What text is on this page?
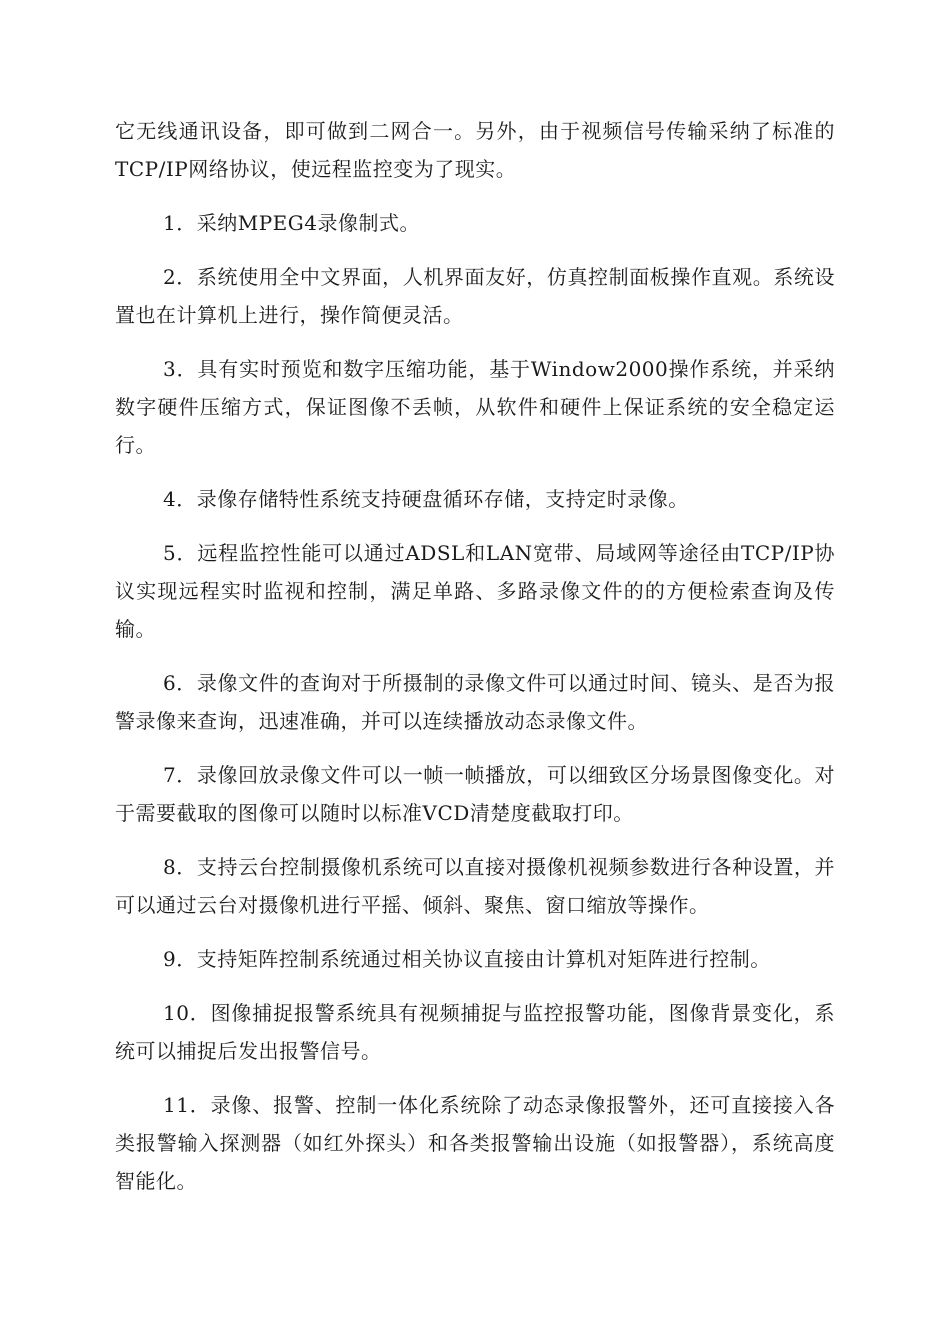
它无线通讯设备，即可做到二网合一。另外，由于视频信号传输采纳了标准的TCP/IP网络协议，使远程监控变为了现实。

1．采纳MPEG4录像制式。

2．系统使用全中文界面，人机界面友好，仿真控制面板操作直观。系统设置也在计算机上进行，操作简便灵活。

3．具有实时预览和数字压缩功能，基于Window2000操作系统，并采纳数字硬件压缩方式，保证图像不丢帧，从软件和硬件上保证系统的安全稳定运行。

4．录像存储特性系统支持硬盘循环存储，支持定时录像。

5．远程监控性能可以通过ADSL和LAN宽带、局域网等途径由TCP/IP协议实现远程实时监视和控制，满足单路、多路录像文件的的方便检索查询及传输。

6．录像文件的查询对于所摄制的录像文件可以通过时间、镜头、是否为报警录像来查询，迅速准确，并可以连续播放动态录像文件。

7．录像回放录像文件可以一帧一帧播放，可以细致区分场景图像变化。对于需要截取的图像可以随时以标准VCD清楚度截取打印。

8．支持云台控制摄像机系统可以直接对摄像机视频参数进行各种设置，并可以通过云台对摄像机进行平摇、倾斜、聚焦、窗口缩放等操作。

9．支持矩阵控制系统通过相关协议直接由计算机对矩阵进行控制。

10．图像捕捉报警系统具有视频捕捉与监控报警功能，图像背景变化，系统可以捕捉后发出报警信号。

11．录像、报警、控制一体化系统除了动态录像报警外，还可直接接入各类报警输入探测器（如红外探头）和各类报警输出设施（如报警器），系统高度智能化。
